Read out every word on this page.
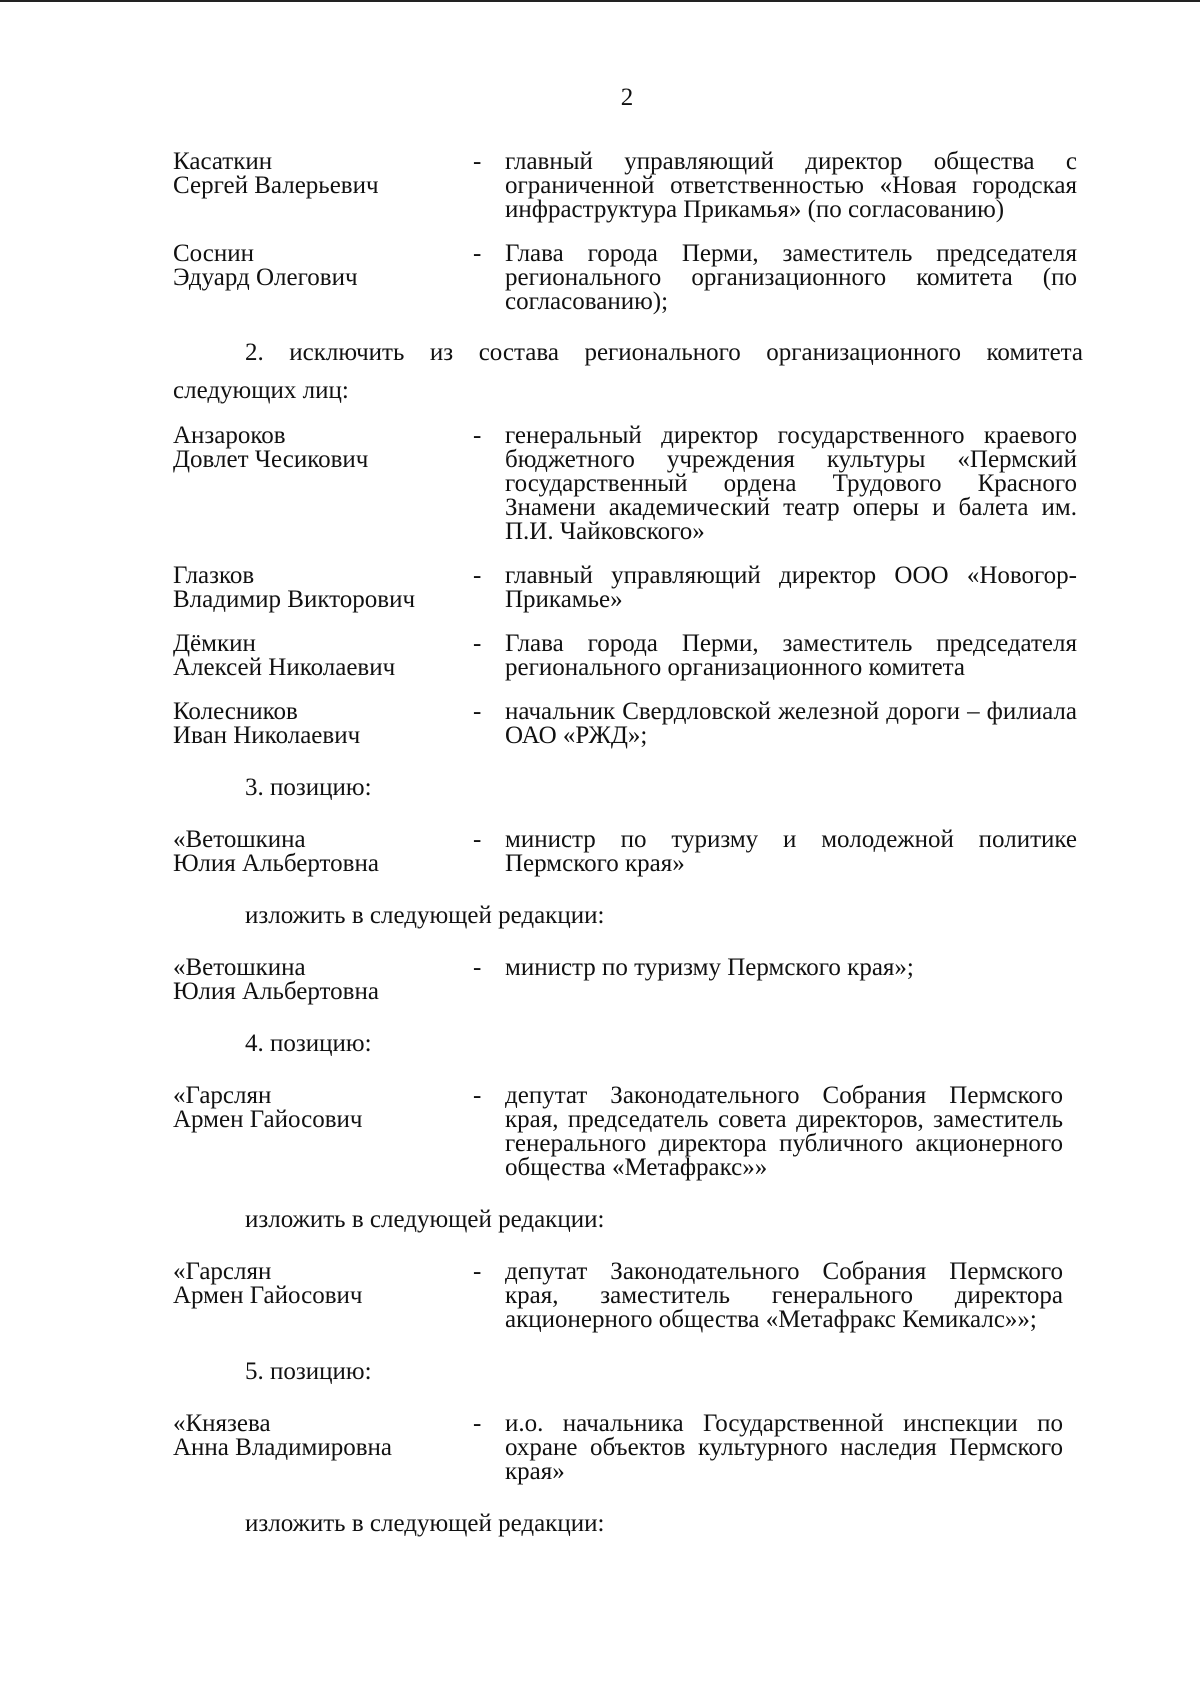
2
Касаткин
Сергей Валерьевич
- главный управляющий директор общества с ограниченной ответственностью «Новая городская инфраструктура Прикамья» (по согласованию)
Соснин
Эдуард Олегович
- Глава города Перми, заместитель председателя регионального организационного комитета (по согласованию);
2. исключить из состава регионального организационного комитета следующих лиц:
Анзароков
Довлет Чесикович
- генеральный директор государственного краевого бюджетного учреждения культуры «Пермский государственный ордена Трудового Красного Знамени академический театр оперы и балета им. П.И. Чайковского»
Глазков
Владимир Викторович
- главный управляющий директор ООО «Новогор-Прикамье»
Дёмкин
Алексей Николаевич
- Глава города Перми, заместитель председателя регионального организационного комитета
Колесников
Иван Николаевич
- начальник Свердловской железной дороги – филиала ОАО «РЖД»;
3. позицию:
«Ветошкина
Юлия Альбертовна
- министр по туризму и молодежной политике Пермского края»
изложить в следующей редакции:
«Ветошкина
Юлия Альбертовна
- министр по туризму Пермского края»;
4. позицию:
«Гарслян
Армен Гайосович
- депутат Законодательного Собрания Пермского края, председатель совета директоров, заместитель генерального директора публичного акционерного общества «Метафракс»»
изложить в следующей редакции:
«Гарслян
Армен Гайосович
- депутат Законодательного Собрания Пермского края, заместитель генерального директора акционерного общества «Метафракс Кемикалс»»;
5. позицию:
«Князева
Анна Владимировна
- и.о. начальника Государственной инспекции по охране объектов культурного наследия Пермского края»
изложить в следующей редакции:
